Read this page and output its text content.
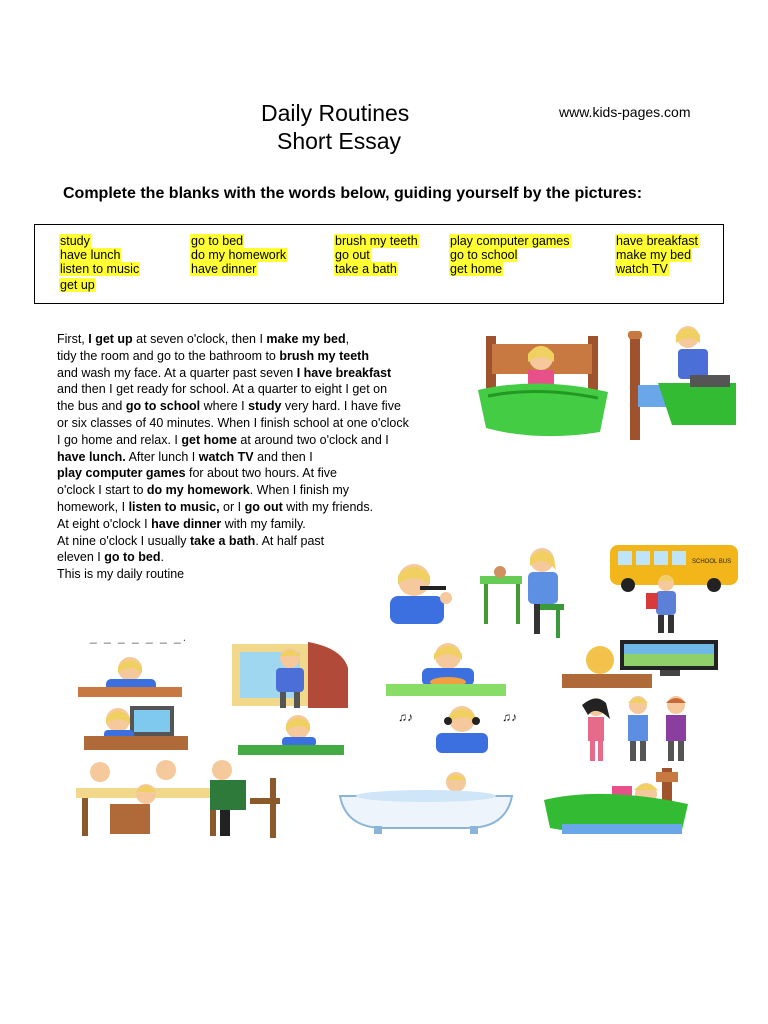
Daily Routines
Short Essay
www.kids-pages.com
Complete the blanks with the words below, guiding yourself by the pictures:
study
have lunch
listen to music
get up
go to bed
do my homework
have dinner
brush my teeth
go out
take a bath
play computer games
go to school
get home
have breakfast
make my bed
watch TV
First, I get up at seven o'clock, then I make my bed,
tidy the room and go to the bathroom to brush my teeth
and wash my face. At a quarter past seven I have breakfast
and then I get ready for school. At a quarter to eight I get on
the bus and go to school where I study very hard. I have five
or six classes of 40 minutes. When I finish school at one o'clock
I go home and relax. I get home at around two o'clock and I
have lunch. After lunch I watch TV and then I
play computer games for about two hours. At five
o'clock I start to do my homework. When I finish my
homework, I listen to music, or I go out with my friends.
At eight o'clock I have dinner with my family.
At nine o'clock I usually take a bath. At half past
eleven I go to bed.
This is my daily routine
_ _ _ _ _ _ _.
SCHOOL BUS
♫♪	♫♪
